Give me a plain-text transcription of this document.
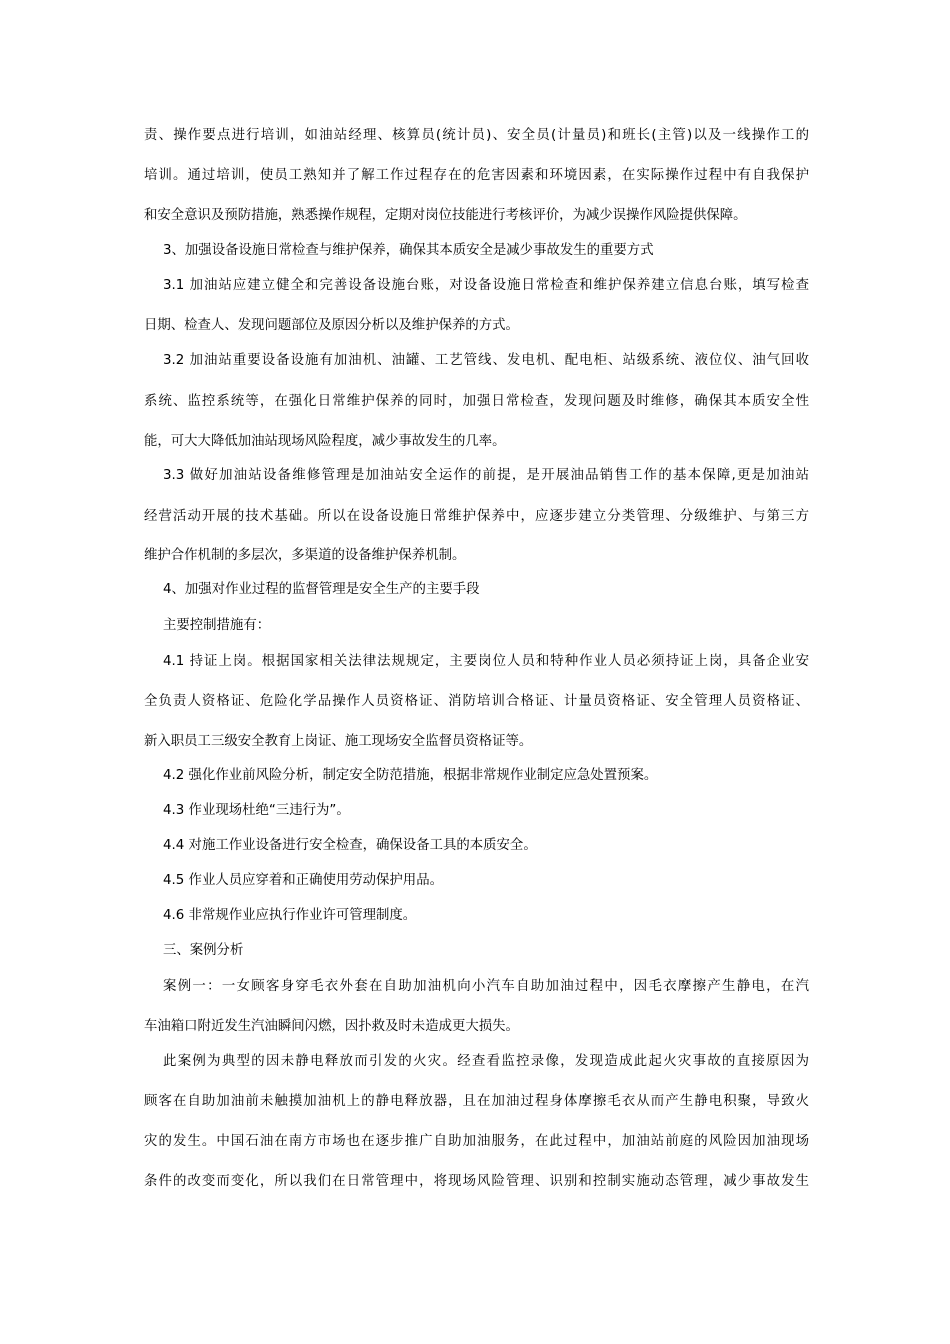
责、操作要点进行培训，如油站经理、核算员(统计员)、安全员(计量员)和班长(主管)以及一线操作工的
培训。通过培训，使员工熟知并了解工作过程存在的危害因素和环境因素，在实际操作过程中有自我保护
和安全意识及预防措施，熟悉操作规程，定期对岗位技能进行考核评价，为减少误操作风险提供保障。
3、加强设备设施日常检查与维护保养，确保其本质安全是减少事故发生的重要方式
3.1 加油站应建立健全和完善设备设施台账，对设备设施日常检查和维护保养建立信息台账，填写检查
日期、检查人、发现问题部位及原因分析以及维护保养的方式。
3.2 加油站重要设备设施有加油机、油罐、工艺管线、发电机、配电柜、站级系统、液位仪、油气回收
系统、监控系统等，在强化日常维护保养的同时，加强日常检查，发现问题及时维修，确保其本质安全性
能，可大大降低加油站现场风险程度，减少事故发生的几率。
3.3 做好加油站设备维修管理是加油站安全运作的前提，是开展油品销售工作的基本保障,更是加油站
经营活动开展的技术基础。所以在设备设施日常维护保养中，应逐步建立分类管理、分级维护、与第三方
维护合作机制的多层次，多渠道的设备维护保养机制。
4、加强对作业过程的监督管理是安全生产的主要手段
主要控制措施有：
4.1 持证上岗。根据国家相关法律法规规定，主要岗位人员和特种作业人员必须持证上岗，具备企业安
全负责人资格证、危险化学品操作人员资格证、消防培训合格证、计量员资格证、安全管理人员资格证、
新入职员工三级安全教育上岗证、施工现场安全监督员资格证等。
4.2 强化作业前风险分析，制定安全防范措施，根据非常规作业制定应急处置预案。
4.3 作业现场杜绝“三违行为”。
4.4 对施工作业设备进行安全检查，确保设备工具的本质安全。
4.5 作业人员应穿着和正确使用劳动保护用品。
4.6 非常规作业应执行作业许可管理制度。
三、案例分析
案例一：一女顾客身穿毛衣外套在自助加油机向小汽车自助加油过程中，因毛衣摩擦产生静电，在汽
车油箱口附近发生汽油瞬间闪燃，因扑救及时未造成更大损失。
此案例为典型的因未静电释放而引发的火灾。经查看监控录像，发现造成此起火灾事故的直接原因为
顾客在自助加油前未触摸加油机上的静电释放器，且在加油过程身体摩擦毛衣从而产生静电积聚，导致火
灾的发生。中国石油在南方市场也在逐步推广自助加油服务，在此过程中，加油站前庭的风险因加油现场
条件的改变而变化，所以我们在日常管理中，将现场风险管理、识别和控制实施动态管理，减少事故发生
